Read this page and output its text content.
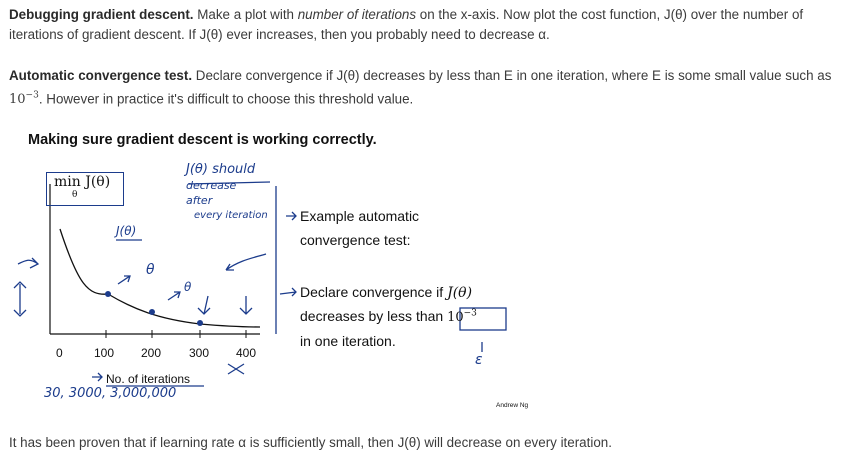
Debugging gradient descent. Make a plot with number of iterations on the x-axis. Now plot the cost function, J(θ) over the number of iterations of gradient descent. If J(θ) ever increases, then you probably need to decrease α.
Automatic convergence test. Declare convergence if J(θ) decreases by less than E in one iteration, where E is some small value such as $10^{-3}$. However in practice it's difficult to choose this threshold value.
Making sure gradient descent is working correctly.
min J(θ)
θ
J(θ) should
decrease
after
every iteration
J(θ)
θ
θ
30, 3000, 3,000,000
ε
0	100 200 300 400
No. of iterations
Example automatic
convergence test:
Declare convergence if J(θ)
decreases by less than $10^{-3}$
in one iteration.
Andrew Ng
It has been proven that if learning rate α is sufficiently small, then J(θ) will decrease on every iteration.
